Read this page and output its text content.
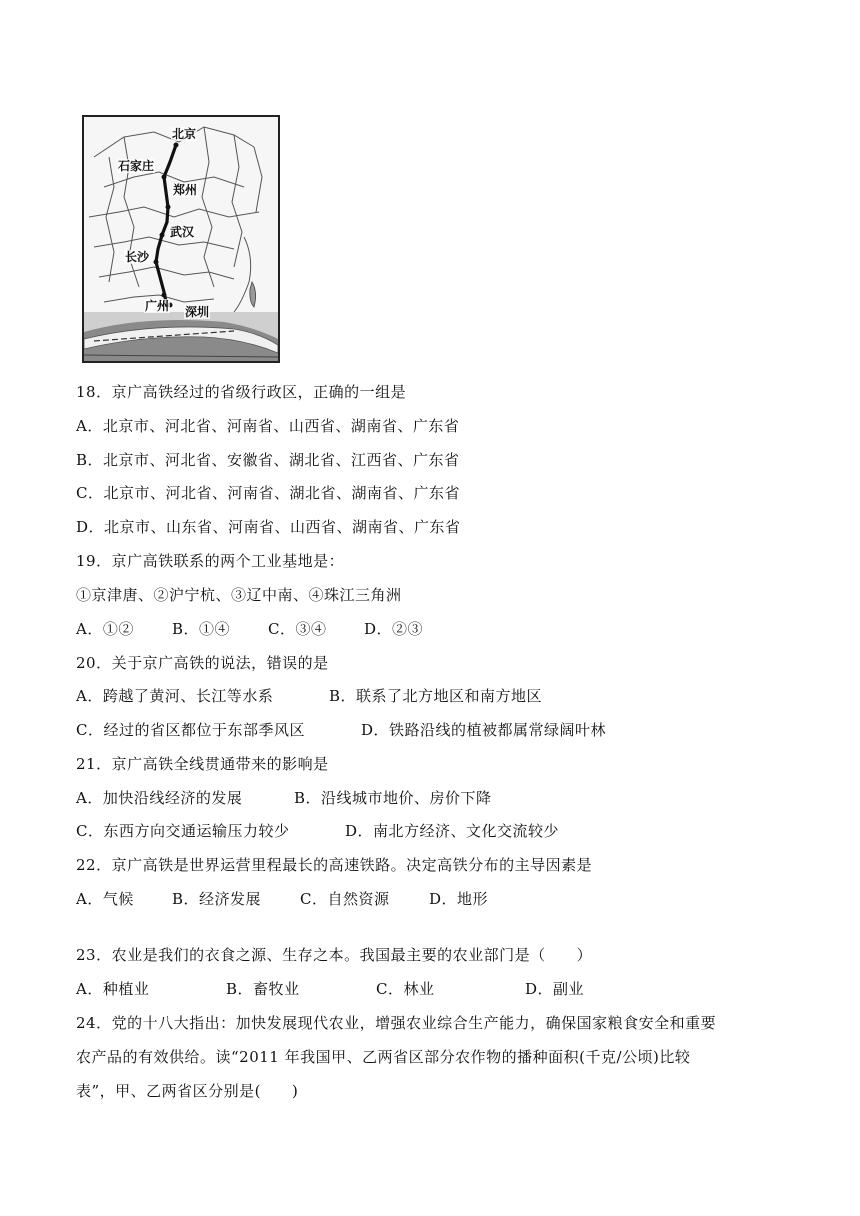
北京
石家庄
郑州
武汉
长沙
广州 深圳
18．京广高铁经过的省级行政区，正确的一组是
A．北京市、河北省、河南省、山西省、湖南省、广东省
B．北京市、河北省、安徽省、湖北省、江西省、广东省
C．北京市、河北省、河南省、湖北省、湖南省、广东省
D．北京市、山东省、河南省、山西省、湖南省、广东省
19．京广高铁联系的两个工业基地是：
①京津唐、②沪宁杭、③辽中南、④珠江三角洲
A．①②	B．①④	C．③④	D．②③
20．关于京广高铁的说法，错误的是
A．跨越了黄河、长江等水系	B．联系了北方地区和南方地区
C．经过的省区都位于东部季风区	D．铁路沿线的植被都属常绿阔叶林
21．京广高铁全线贯通带来的影响是
A．加快沿线经济的发展	B．沿线城市地价、房价下降
C．东西方向交通运输压力较少	D．南北方经济、文化交流较少
22．京广高铁是世界运营里程最长的高速铁路。决定高铁分布的主导因素是
A．气候	B．经济发展	C．自然资源	D．地形
23．农业是我们的衣食之源、生存之本。我国最主要的农业部门是（　　）
A．种植业	B．畜牧业	C．林业	D．副业
24．党的十八大指出：加快发展现代农业，增强农业综合生产能力，确保国家粮食安全和重要
农产品的有效供给。读“2011 年我国甲、乙两省区部分农作物的播种面积(千克/公顷)比较
表”，甲、乙两省区分别是(　　)
